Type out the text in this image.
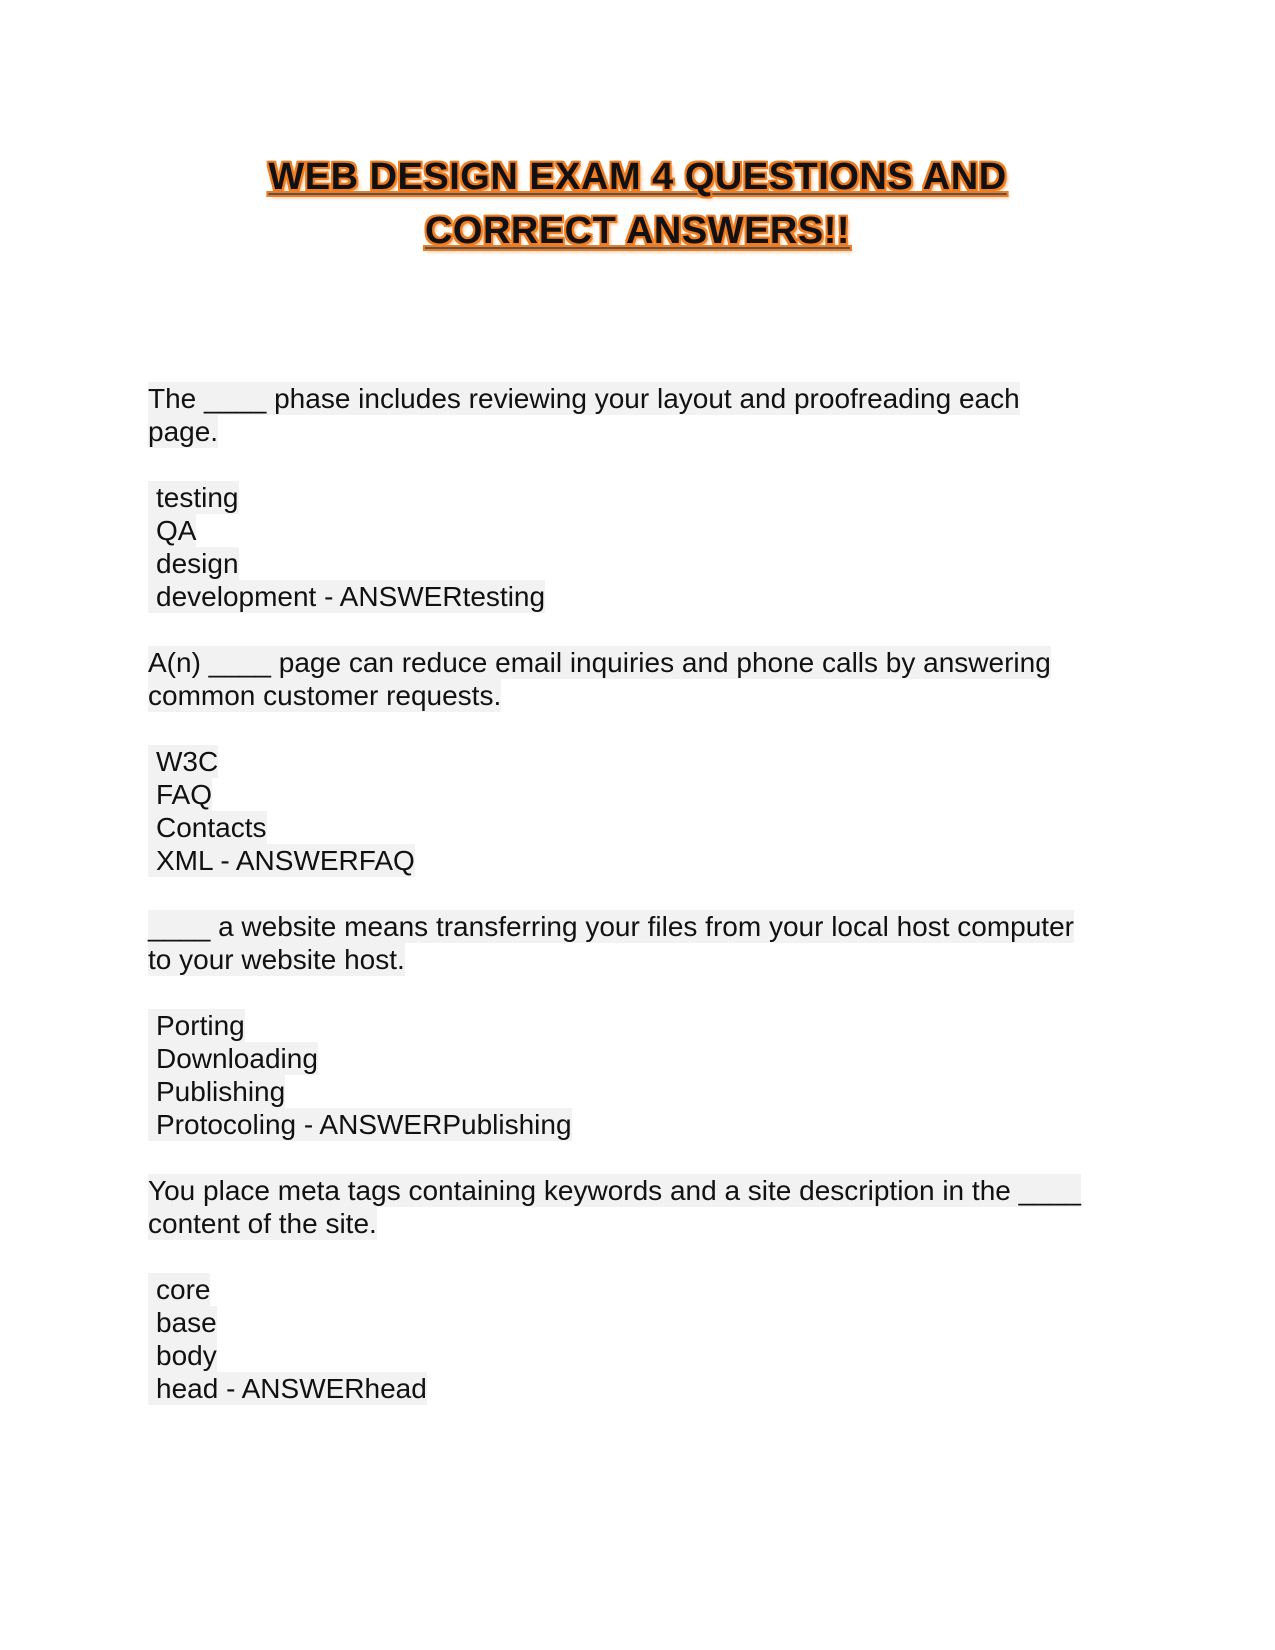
WEB DESIGN EXAM 4 QUESTIONS AND
CORRECT ANSWERS!!
The ____ phase includes reviewing your layout and proofreading each
page.
testing
QA
design
development - ANSWERtesting
A(n) ____ page can reduce email inquiries and phone calls by answering
common customer requests.
W3C
FAQ
Contacts
XML - ANSWERFAQ
____ a website means transferring your files from your local host computer
to your website host.
Porting
Downloading
Publishing
Protocoling - ANSWERPublishing
You place meta tags containing keywords and a site description in the ____
content of the site.
core
base
body
head - ANSWERhead
